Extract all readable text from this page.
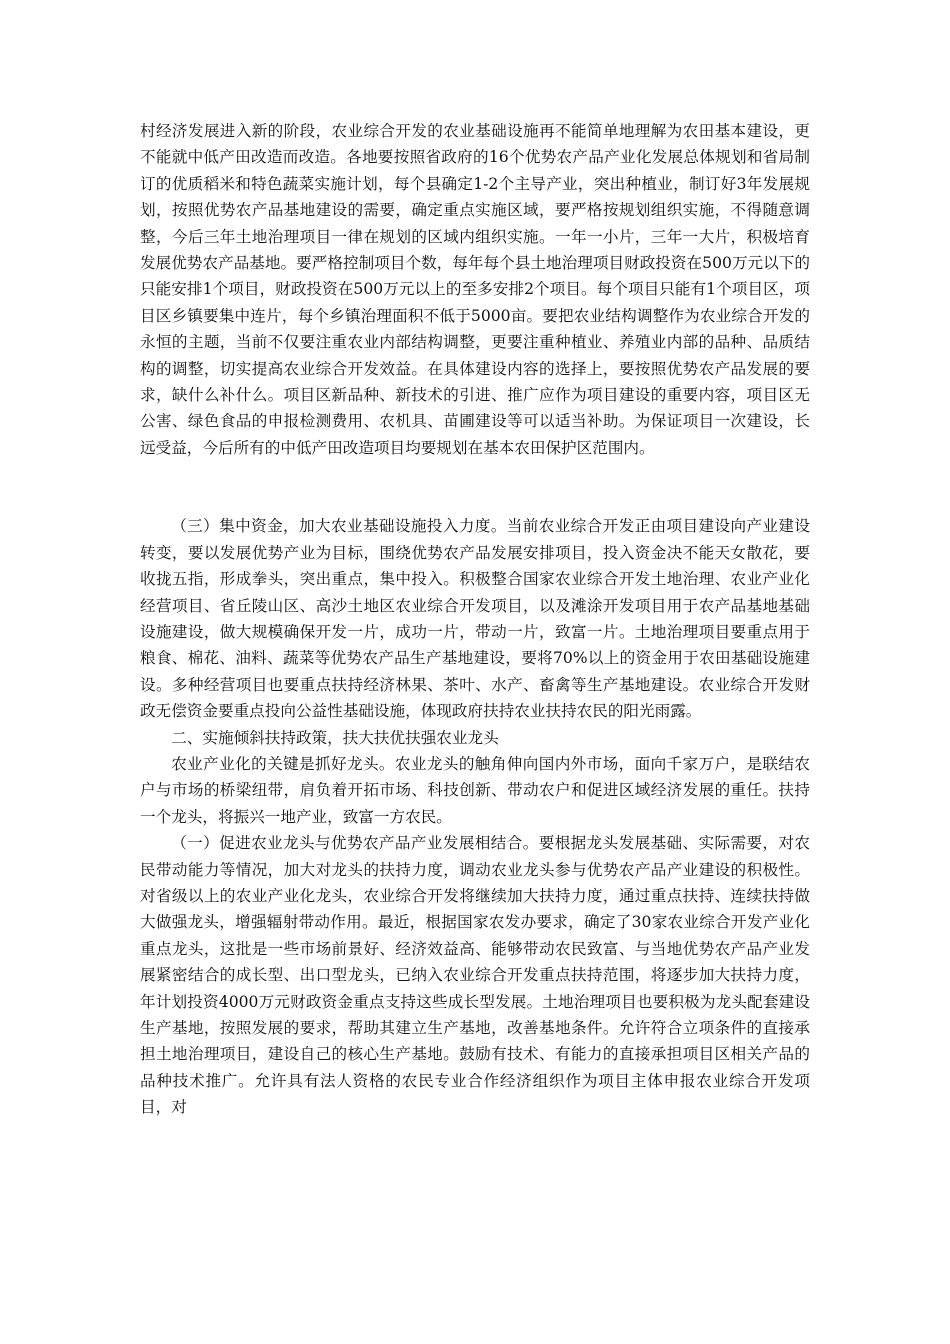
村经济发展进入新的阶段，农业综合开发的农业基础设施再不能简单地理解为农田基本建设，更不能就中低产田改造而改造。各地要按照省政府的16个优势农产品产业化发展总体规划和省局制订的优质稻米和特色蔬菜实施计划，每个县确定1-2个主导产业，突出种植业，制订好3年发展规划，按照优势农产品基地建设的需要，确定重点实施区域，要严格按规划组织实施，不得随意调整，今后三年土地治理项目一律在规划的区域内组织实施。一年一小片，三年一大片，积极培育发展优势农产品基地。要严格控制项目个数，每年每个县土地治理项目财政投资在500万元以下的只能安排1个项目，财政投资在500万元以上的至多安排2个项目。每个项目只能有1个项目区，项目区乡镇要集中连片，每个乡镇治理面积不低于5000亩。要把农业结构调整作为农业综合开发的永恒的主题，当前不仅要注重农业内部结构调整，更要注重种植业、养殖业内部的品种、品质结构的调整，切实提高农业综合开发效益。在具体建设内容的选择上，要按照优势农产品发展的要求，缺什么补什么。项目区新品种、新技术的引进、推广应作为项目建设的重要内容，项目区无公害、绿色食品的申报检测费用、农机具、苗圃建设等可以适当补助。为保证项目一次建设，长远受益，今后所有的中低产田改造项目均要规划在基本农田保护区范围内。

（三）集中资金，加大农业基础设施投入力度。当前农业综合开发正由项目建设向产业建设转变，要以发展优势产业为目标，围绕优势农产品发展安排项目，投入资金决不能天女散花，要收拢五指，形成拳头，突出重点，集中投入。积极整合国家农业综合开发土地治理、农业产业化经营项目、省丘陵山区、高沙土地区农业综合开发项目，以及滩涂开发项目用于农产品基地基础设施建设，做大规模确保开发一片，成功一片，带动一片，致富一片。土地治理项目要重点用于粮食、棉花、油料、蔬菜等优势农产品生产基地建设，要将70%以上的资金用于农田基础设施建设。多种经营项目也要重点扶持经济林果、茶叶、水产、畜禽等生产基地建设。农业综合开发财政无偿资金要重点投向公益性基础设施，体现政府扶持农业扶持农民的阳光雨露。

二、实施倾斜扶持政策，扶大扶优扶强农业龙头

农业产业化的关键是抓好龙头。农业龙头的触角伸向国内外市场，面向千家万户，是联结农户与市场的桥梁纽带，肩负着开拓市场、科技创新、带动农户和促进区域经济发展的重任。扶持一个龙头，将振兴一地产业，致富一方农民。

（一）促进农业龙头与优势农产品产业发展相结合。要根据龙头发展基础、实际需要，对农民带动能力等情况，加大对龙头的扶持力度，调动农业龙头参与优势农产品产业建设的积极性。对省级以上的农业产业化龙头，农业综合开发将继续加大扶持力度，通过重点扶持、连续扶持做大做强龙头，增强辐射带动作用。最近，根据国家农发办要求，确定了30家农业综合开发产业化重点龙头，这批是一些市场前景好、经济效益高、能够带动农民致富、与当地优势农产品产业发展紧密结合的成长型、出口型龙头，已纳入农业综合开发重点扶持范围，将逐步加大扶持力度，年计划投资4000万元财政资金重点支持这些成长型发展。土地治理项目也要积极为龙头配套建设生产基地，按照发展的要求，帮助其建立生产基地，改善基地条件。允许符合立项条件的直接承担土地治理项目，建设自己的核心生产基地。鼓励有技术、有能力的直接承担项目区相关产品的品种技术推广。允许具有法人资格的农民专业合作经济组织作为项目主体申报农业综合开发项目，对
